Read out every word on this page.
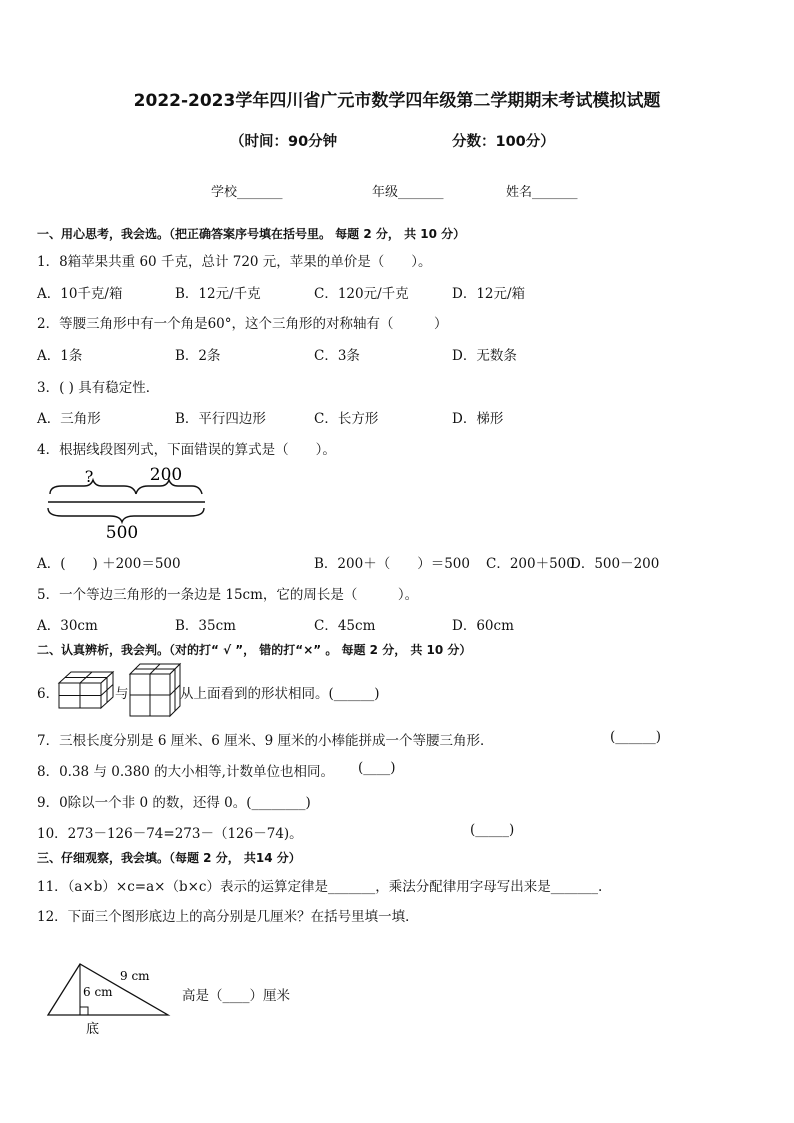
2022-2023学年四川省广元市数学四年级第二学期期末考试模拟试题
（时间：90分钟	分数：100分）
学校_______	年级_______	姓名_______
一、用心思考，我会选。（把正确答案序号填在括号里。 每题 2 分， 共 10 分）
1．8箱苹果共重 60 千克，总计 720 元，苹果的单价是（　　）。
A．10千克/箱	B．12元/千克	C．120元/千克	D．12元/箱
2．等腰三角形中有一个角是60°，这个三角形的对称轴有（　　　）
A．1条	B．2条	C．3条	D．无数条
3．( ) 具有稳定性．
A．三角形	B．平行四边形	C．长方形	D．梯形
4．根据线段图列式，下面错误的算式是（　　）。
?	200
500
A．(　　) ＋200＝500	B．200＋（　　）＝500 C．200＋500
D．500－200
5．一个等边三角形的一条边是 15cm，它的周长是（　　　）。
A．30cm	B．35cm	C．45cm	D．60cm
二、认真辨析，我会判。（对的打“ √ ”， 错的打“×” 。 每题 2 分， 共 10 分）
6．	与	从上面看到的形状相同。(______)
7．三根长度分别是 6 厘米、6 厘米、9 厘米的小棒能拼成一个等腰三角形．	(______)
8．0.38 与 0.380 的大小相等,计数单位也相同。 (____)
9．0除以一个非 0 的数，还得 0。(________)
10．273－126－74=273－（126－74)。	(_____)
三、仔细观察，我会填。（每题 2 分， 共14 分）
11．（a×b）×c=a×（b×c）表示的运算定律是_______，乘法分配律用字母写出来是_______.
12．下面三个图形底边上的高分别是几厘米？在括号里填一填．
9 cm
6 cm
底
高是（____）厘米
